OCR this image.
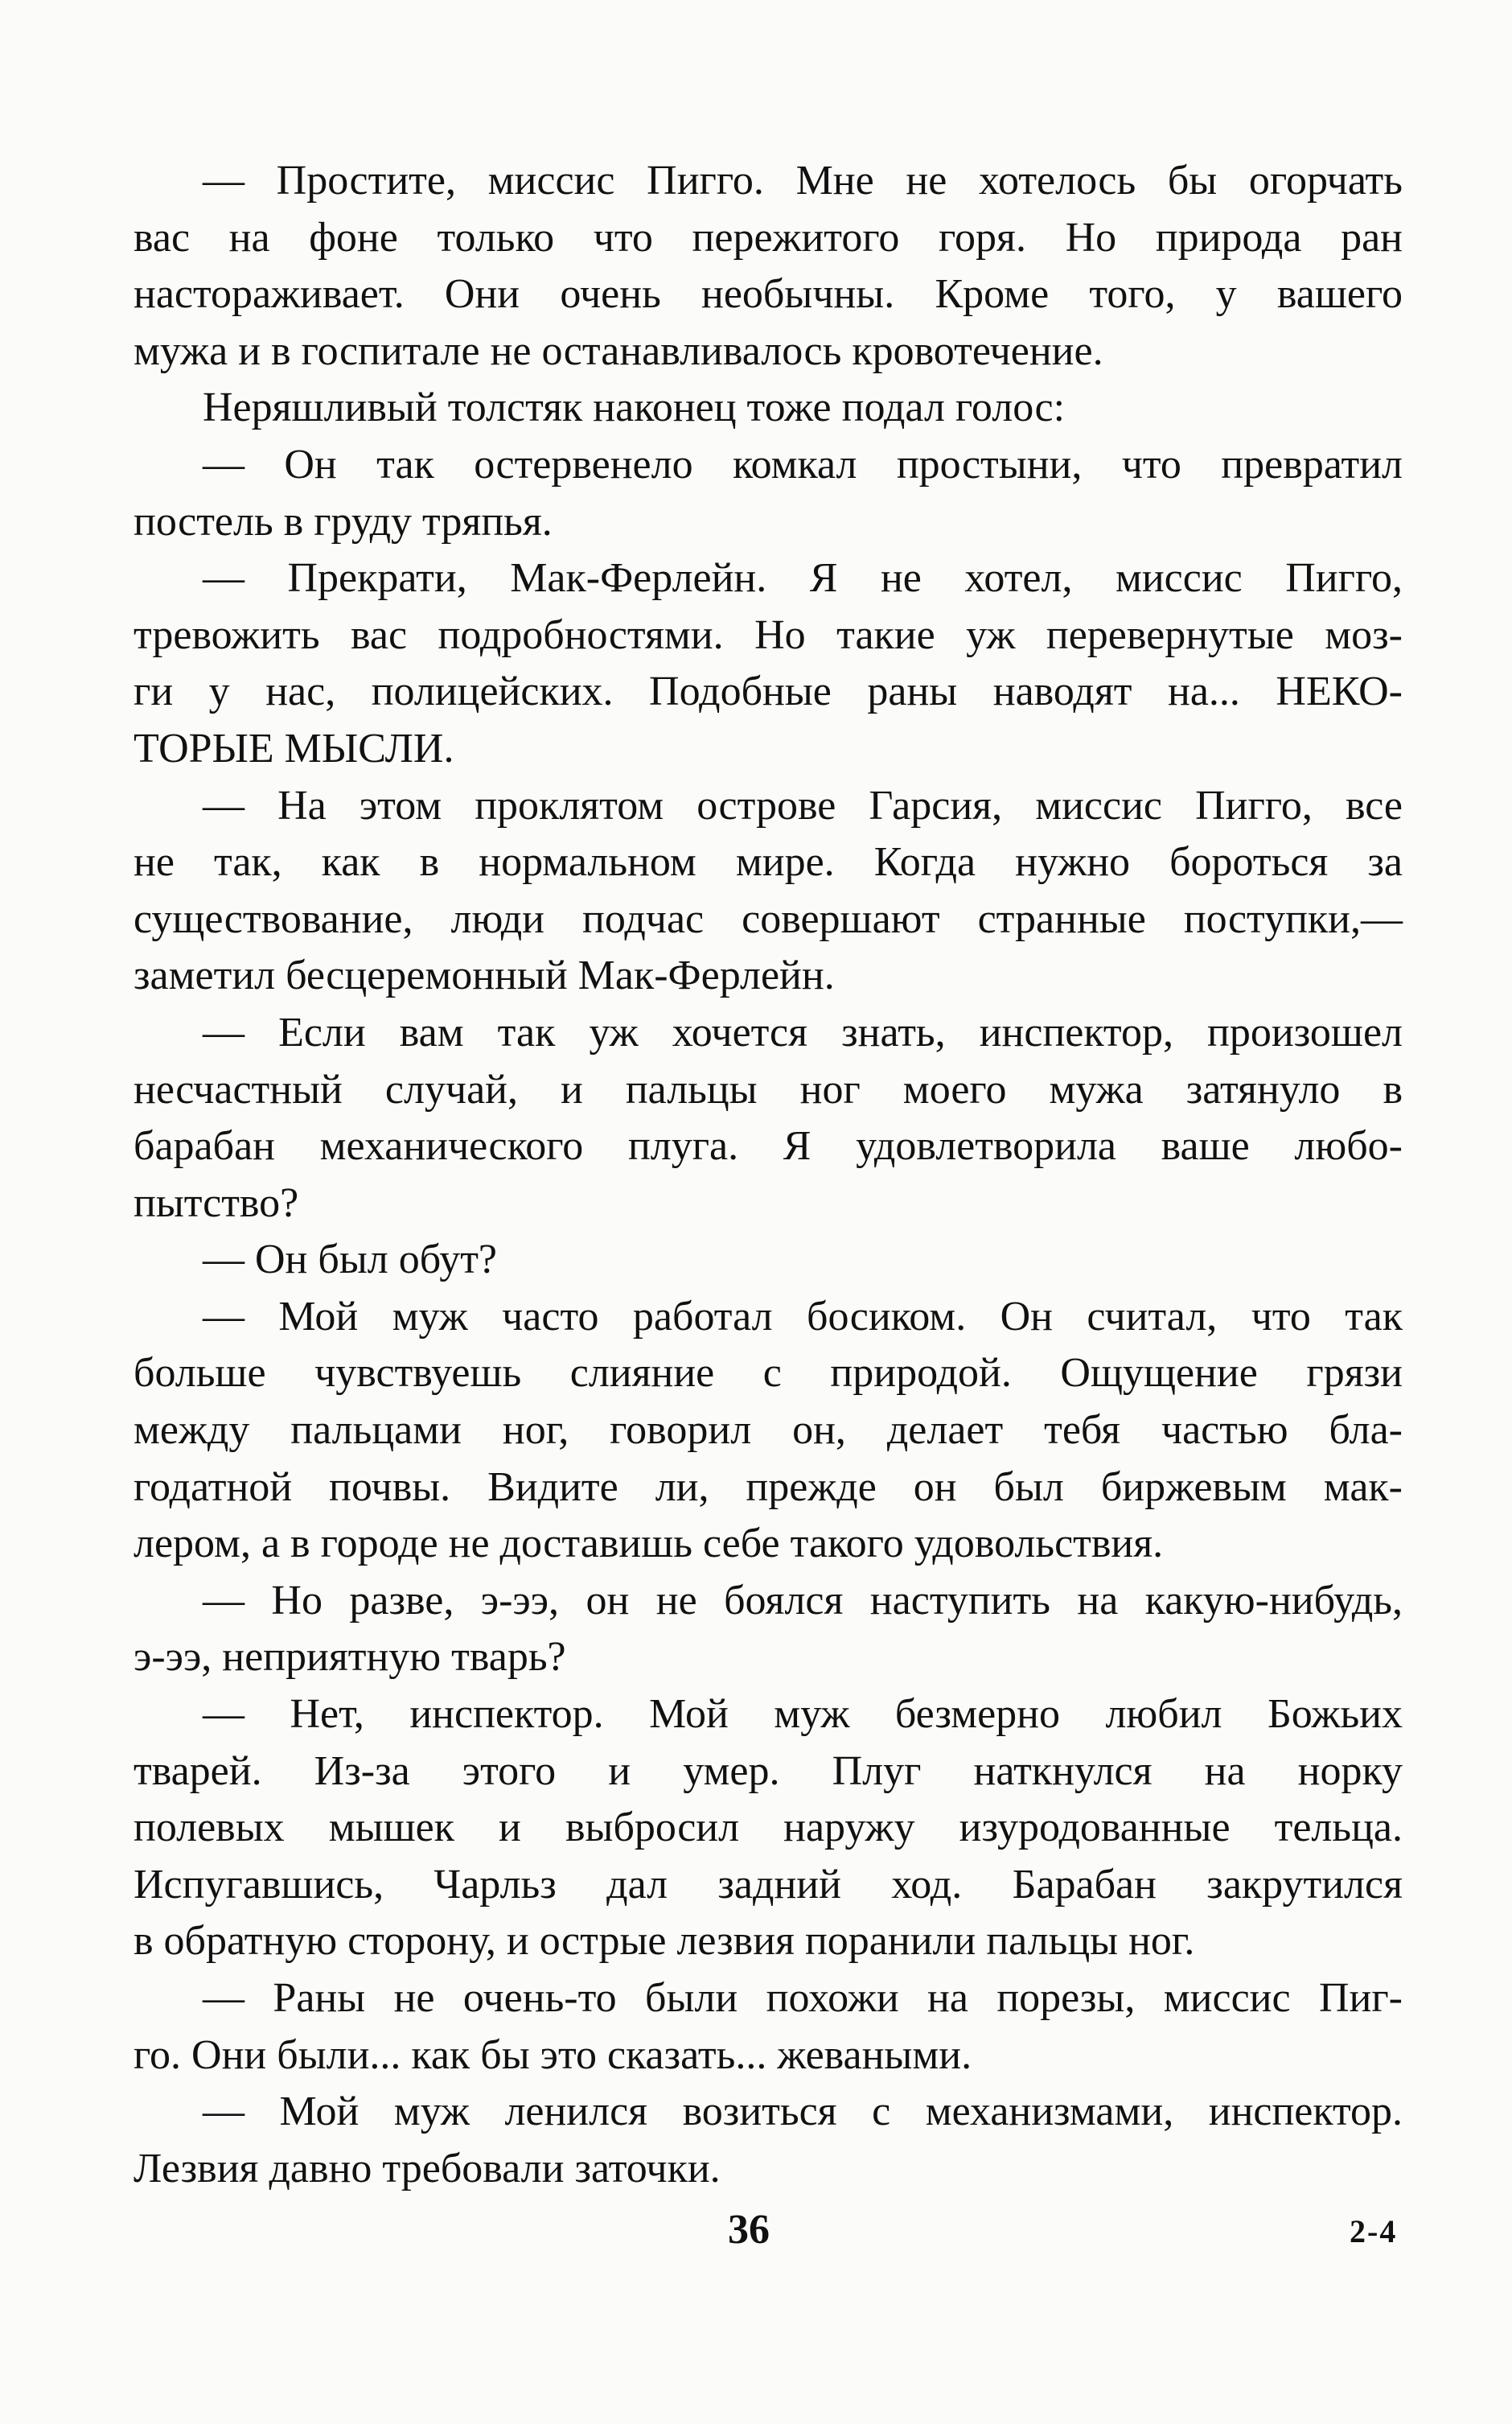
— Простите, миссис Пигго. Мне не хотелось бы огорчать
вас на фоне только что пережитого горя. Но природа ран
настораживает. Они очень необычны. Кроме того, у вашего
мужа и в госпитале не останавливалось кровотечение.
Неряшливый толстяк наконец тоже подал голос:
— Он так остервенело комкал простыни, что превратил
постель в груду тряпья.
— Прекрати, Мак-Ферлейн. Я не хотел, миссис Пигго,
тревожить вас подробностями. Но такие уж перевернутые моз-
ги у нас, полицейских. Подобные раны наводят на... НЕКО-
ТОРЫЕ МЫСЛИ.
— На этом проклятом острове Гарсия, миссис Пигго, все
не так, как в нормальном мире. Когда нужно бороться за
существование, люди подчас совершают странные поступки,—
заметил бесцеремонный Мак-Ферлейн.
— Если вам так уж хочется знать, инспектор, произошел
несчастный случай, и пальцы ног моего мужа затянуло в
барабан механического плуга. Я удовлетворила ваше любо-
пытство?
— Он был обут?
— Мой муж часто работал босиком. Он считал, что так
больше чувствуешь слияние с природой. Ощущение грязи
между пальцами ног, говорил он, делает тебя частью бла-
годатной почвы. Видите ли, прежде он был биржевым мак-
лером, а в городе не доставишь себе такого удовольствия.
— Но разве, э-ээ, он не боялся наступить на какую-нибудь,
э-ээ, неприятную тварь?
— Нет, инспектор. Мой муж безмерно любил Божьих
тварей. Из-за этого и умер. Плуг наткнулся на норку
полевых мышек и выбросил наружу изуродованные тельца.
Испугавшись, Чарльз дал задний ход. Барабан закрутился
в обратную сторону, и острые лезвия поранили пальцы ног.
— Раны не очень-то были похожи на порезы, миссис Пиг-
го. Они были... как бы это сказать... жеваными.
— Мой муж ленился возиться с механизмами, инспектор.
Лезвия давно требовали заточки.
36	2-4
